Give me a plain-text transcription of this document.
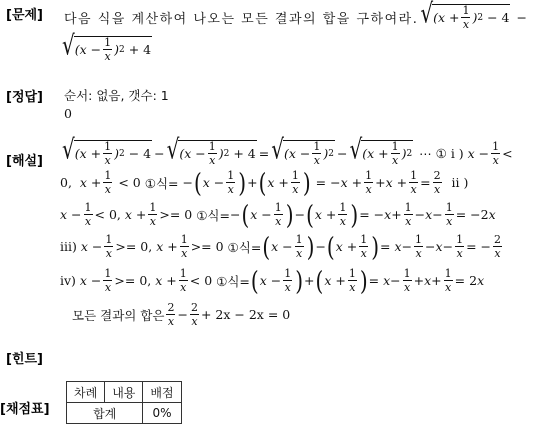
[문제]
[정답]
[해설]
[힌트]
[채점표]
다음 식을 계산하여 나오는 모든 결과의 합을 구하여라. √ (x + 1
x ) 2 − 4 −
√ (x − 1
x ) 2 + 4
순서: 없음, 갯수: 1
0
√ (x + 1
x ) 2 − 4 − √ (x − 1
x ) 2 + 4 = √ (x − 1
x ) 2 − √ (x + 1
x ) 2 ⋯ ① i ) $x - \frac{1}{x}$ <
0, $x + \frac{1}{x} < 0$ ①식= − ( $x - \frac{1}{x}$ ) + ( $x + \frac{1}{x}$ ) = − $x + \frac{1}{x} + x + \frac{1}{x} = \frac{2}{x}$
ii )
$x - \frac{1}{x} < 0$, $x + \frac{1}{x} >= 0$
①식= − ( $x - \frac{1}{x}$ ) − ( $x + \frac{1}{x}$ ) = − $x + \frac{1}{x} - x - \frac{1}{x} = -2$ x
iii) $x - \frac{1}{x} >= 0$, $x + \frac{1}{x} >= 0$
①식= ( $x - \frac{1}{x}$ ) − ( $x + \frac{1}{x}$ ) = $x - \frac{1}{x} - x - \frac{1}{x}$ = − $\frac{2}{x}$
iv) $x - \frac{1}{x} >= 0$, $x + \frac{1}{x} < 0$ ①식= ( $x - \frac{1}{x}$ ) + ( $x + \frac{1}{x}$ ) = $x - \frac{1}{x} + x + \frac{1}{x} = 2$ x
모든 결과의 합은 2
$x - \frac{2}{x} + 2x - 2x = 0$
차례	내용	배점
합계		0%
